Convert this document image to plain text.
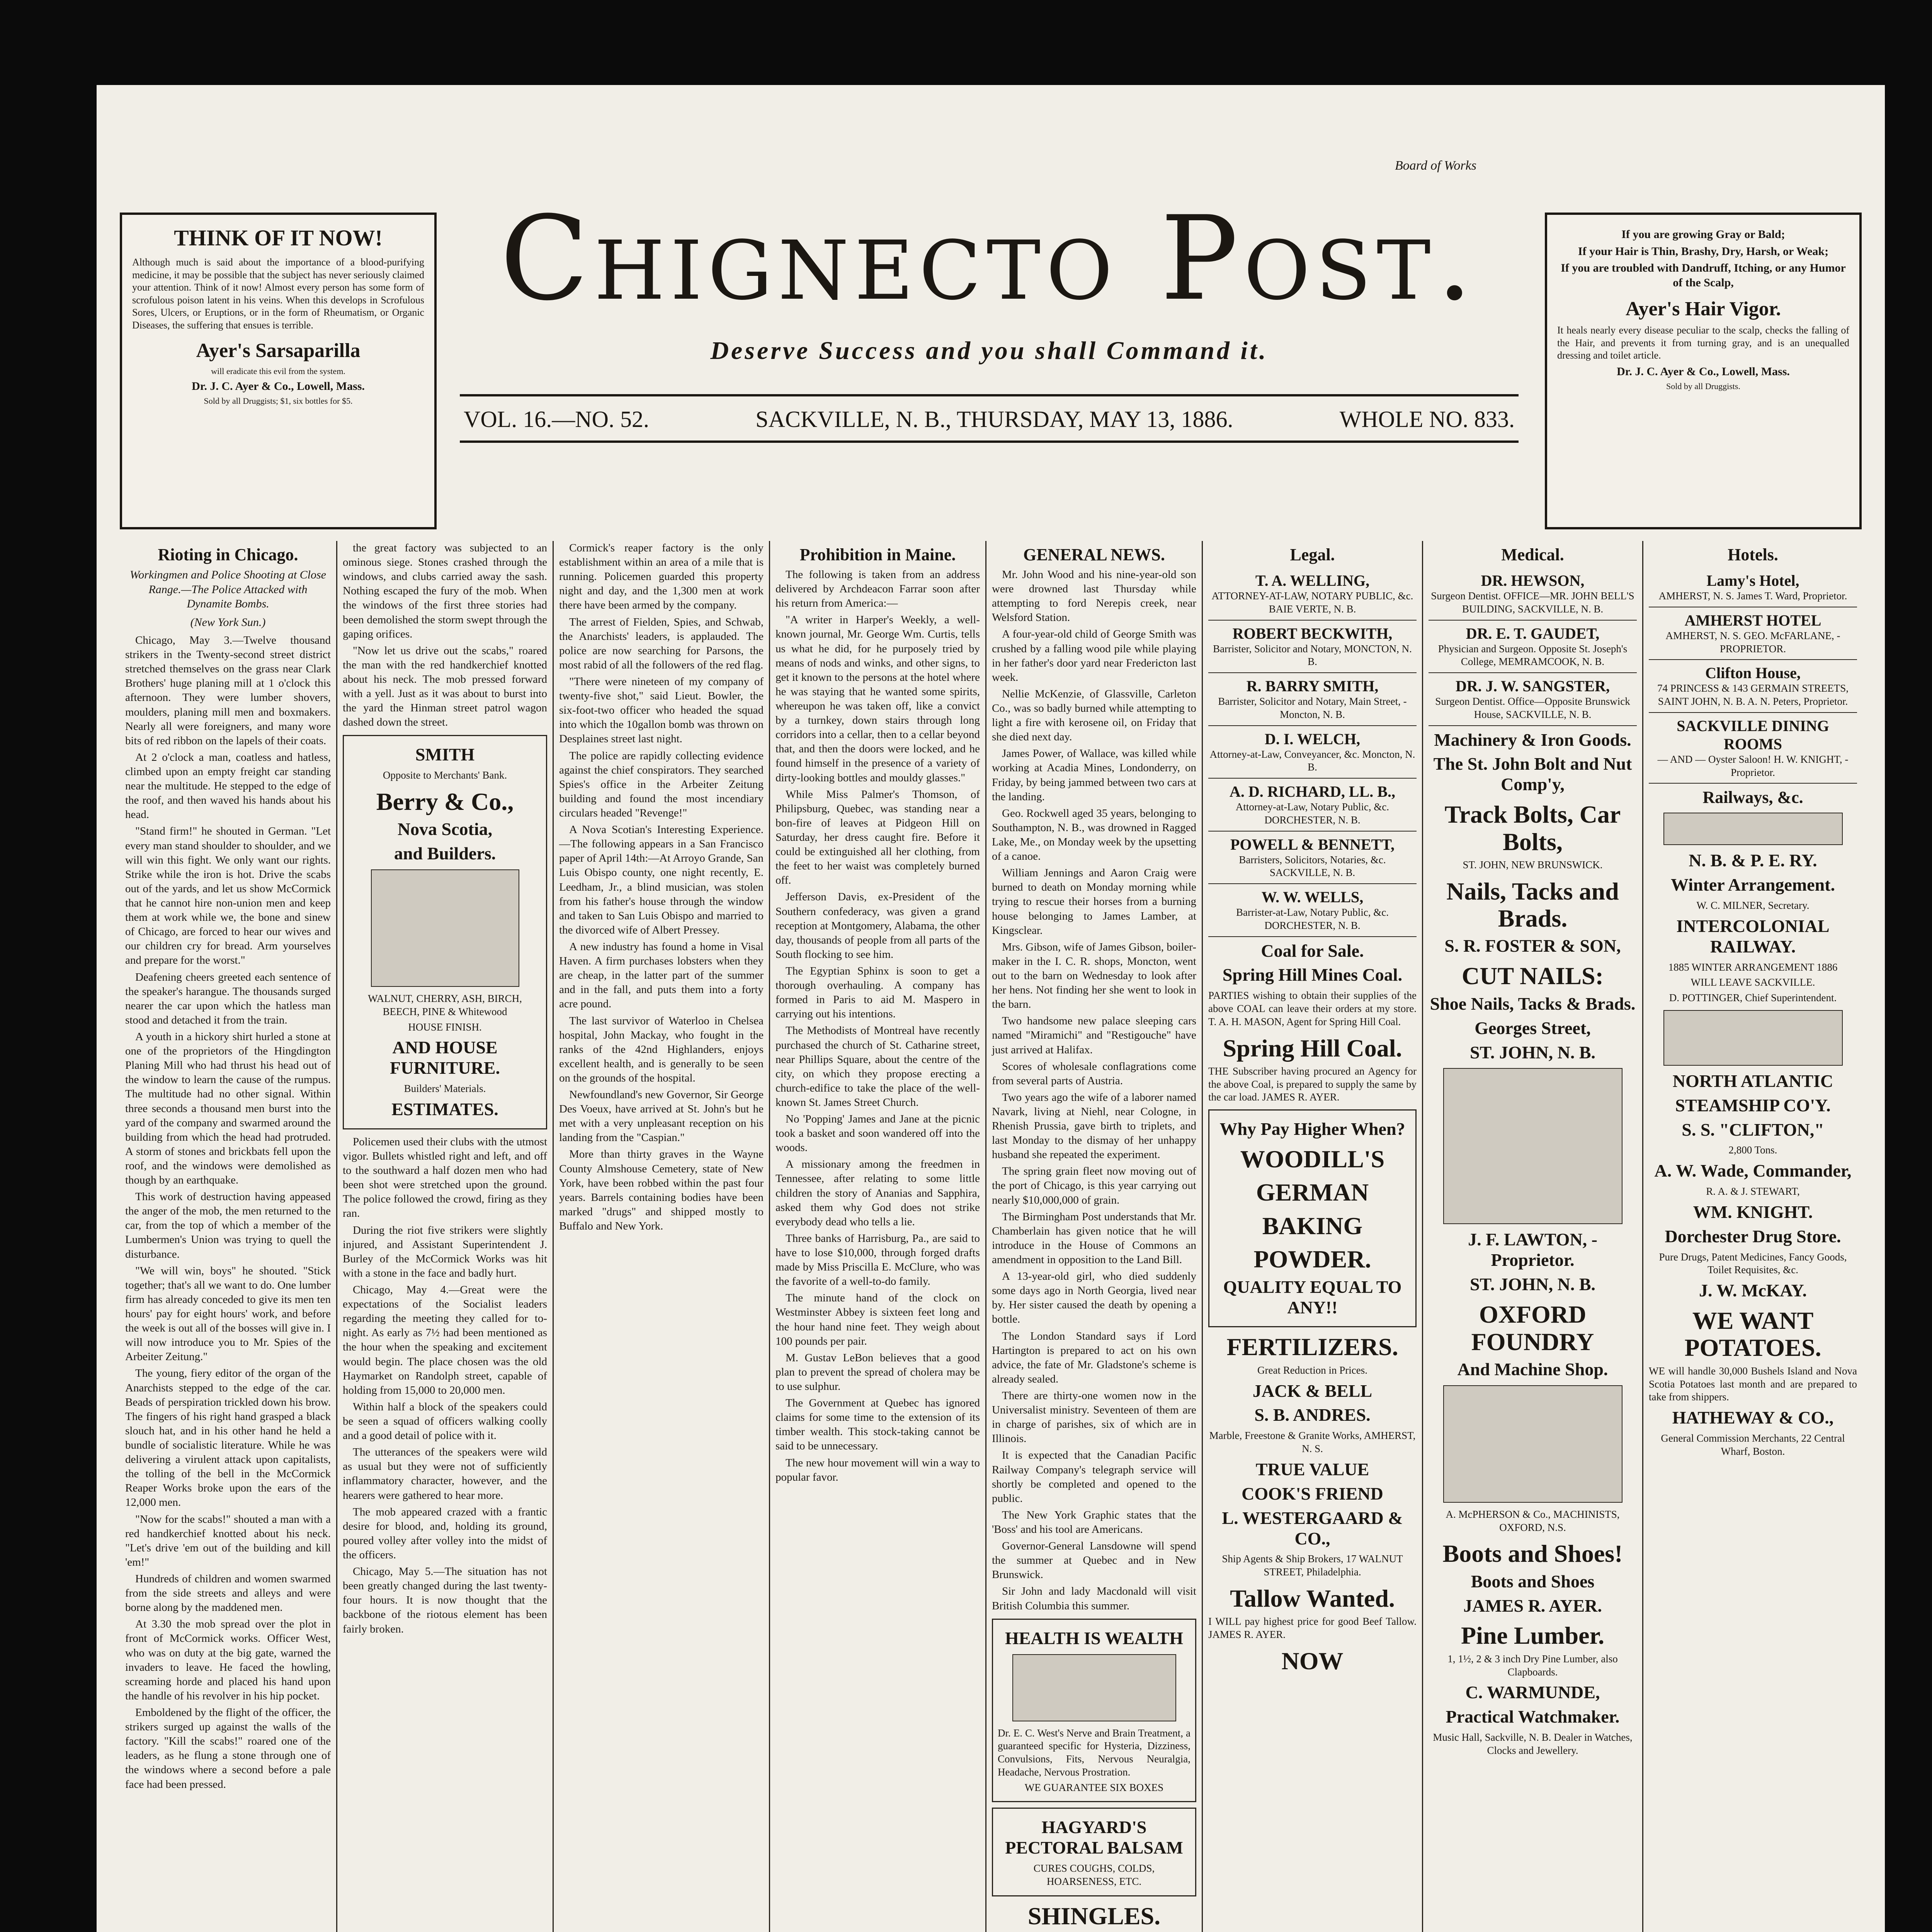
Board of Works
THINK OF IT NOW!

Although much is said about the importance of a blood-purifying medicine, it may be possible that the subject has never seriously claimed your attention. Think of it now! Almost every person has some form of scrofulous poison latent in his veins. When this develops in Scrofulous Sores, Ulcers, or Eruptions, or in the form of Rheumatism, or Organic Diseases, the suffering that ensues is terrible.

Ayer's Sarsaparilla

will eradicate this evil from the system.

Dr. J. C. Ayer & Co., Lowell, Mass.

Sold by all Druggists; $1, six bottles for $5.

Chignecto Post.
Deserve Success and you shall Command it.
VOL. 16.—NO. 52.	SACKVILLE, N. B., THURSDAY, MAY 13, 1886.	WHOLE NO. 833.

If you are growing Gray or Bald;

If your Hair is Thin, Brashy, Dry, Harsh, or Weak;

If you are troubled with Dandruff, Itching, or any Humor of the Scalp,

Ayer's Hair Vigor.

It heals nearly every disease peculiar to the scalp, checks the falling of the Hair, and prevents it from turning gray, and is an unequalled dressing and toilet article.

Dr. J. C. Ayer & Co., Lowell, Mass.

Sold by all Druggists.

Rioting in Chicago.
Workingmen and Police Shooting at Close Range.—The Police Attacked with Dynamite Bombs.
(New York Sun.)

Chicago, May 3.—Twelve thousand strikers in the Twenty-second street district stretched themselves on the grass near Clark Brothers' huge planing mill at 1 o'clock this afternoon. They were lumber shovers, moulders, planing mill men and boxmakers. Nearly all were foreigners, and many wore bits of red ribbon on the lapels of their coats.

At 2 o'clock a man, coatless and hatless, climbed upon an empty freight car standing near the multitude. He stepped to the edge of the roof, and then waved his hands about his head.

"Stand firm!" he shouted in German. "Let every man stand shoulder to shoulder, and we will win this fight. We only want our rights. Strike while the iron is hot. Drive the scabs out of the yards, and let us show McCormick that he cannot hire non-union men and keep them at work while we, the bone and sinew of Chicago, are forced to hear our wives and our children cry for bread. Arm yourselves and prepare for the worst."

Deafening cheers greeted each sentence of the speaker's harangue. The thousands surged nearer the car upon which the hatless man stood and detached it from the train.

A youth in a hickory shirt hurled a stone at one of the proprietors of the Hingdington Planing Mill who had thrust his head out of the window to learn the cause of the rumpus. The multitude had no other signal. Within three seconds a thousand men burst into the yard of the company and swarmed around the building from which the head had protruded. A storm of stones and brickbats fell upon the roof, and the windows were demolished as though by an earthquake.

This work of destruction having appeased the anger of the mob, the men returned to the car, from the top of which a member of the Lumbermen's Union was trying to quell the disturbance.

"We will win, boys" he shouted. "Stick together; that's all we want to do. One lumber firm has already conceded to give its men ten hours' pay for eight hours' work, and before the week is out all of the bosses will give in. I will now introduce you to Mr. Spies of the Arbeiter Zeitung."

The young, fiery editor of the organ of the Anarchists stepped to the edge of the car. Beads of perspiration trickled down his brow. The fingers of his right hand grasped a black slouch hat, and in his other hand he held a bundle of socialistic literature. While he was delivering a virulent attack upon capitalists, the tolling of the bell in the McCormick Reaper Works broke upon the ears of the 12,000 men.

"Now for the scabs!" shouted a man with a red handkerchief knotted about his neck. "Let's drive 'em out of the building and kill 'em!"

Hundreds of children and women swarmed from the side streets and alleys and were borne along by the maddened men.

At 3.30 the mob spread over the plot in front of McCormick works. Officer West, who was on duty at the big gate, warned the invaders to leave. He faced the howling, screaming horde and placed his hand upon the handle of his revolver in his hip pocket.

Emboldened by the flight of the officer, the strikers surged up against the walls of the factory. "Kill the scabs!" roared one of the leaders, as he flung a stone through one of the windows where a second before a pale face had been pressed.

the great factory was subjected to an ominous siege. Stones crashed through the windows, and clubs carried away the sash. Nothing escaped the fury of the mob. When the windows of the first three stories had been demolished the storm swept through the gaping orifices.

"Now let us drive out the scabs," roared the man with the red handkerchief knotted about his neck. The mob pressed forward with a yell. Just as it was about to burst into the yard the Hinman street patrol wagon dashed down the street.

SMITH
Opposite to Merchants' Bank.
Berry & Co.,
Nova Scotia,
and Builders.
WALNUT, CHERRY, ASH, BIRCH, BEECH, PINE & Whitewood
HOUSE FINISH.
AND HOUSE FURNITURE.
Builders' Materials.
ESTIMATES.

Policemen used their clubs with the utmost vigor. Bullets whistled right and left, and off to the southward a half dozen men who had been shot were stretched upon the ground. The police followed the crowd, firing as they ran.

During the riot five strikers were slightly injured, and Assistant Superintendent J. Burley of the McCormick Works was hit with a stone in the face and badly hurt.

Chicago, May 4.—Great were the expectations of the Socialist leaders regarding the meeting they called for to-night. As early as 7½ had been mentioned as the hour when the speaking and excitement would begin. The place chosen was the old Haymarket on Randolph street, capable of holding from 15,000 to 20,000 men.

Within half a block of the speakers could be seen a squad of officers walking coolly and a good detail of police with it.

The utterances of the speakers were wild as usual but they were not of sufficiently inflammatory character, however, and the hearers were gathered to hear more.

The mob appeared crazed with a frantic desire for blood, and, holding its ground, poured volley after volley into the midst of the officers.

Chicago, May 5.—The situation has not been greatly changed during the last twenty-four hours. It is now thought that the backbone of the riotous element has been fairly broken.

Cormick's reaper factory is the only establishment within an area of a mile that is running. Policemen guarded this property night and day, and the 1,300 men at work there have been armed by the company.

The arrest of Fielden, Spies, and Schwab, the Anarchists' leaders, is applauded. The police are now searching for Parsons, the most rabid of all the followers of the red flag.

"There were nineteen of my company of twenty-five shot," said Lieut. Bowler, the six-foot-two officer who headed the squad into which the 10gallon bomb was thrown on Desplaines street last night.

The police are rapidly collecting evidence against the chief conspirators. They searched Spies's office in the Arbeiter Zeitung building and found the most incendiary circulars headed "Revenge!"

A Nova Scotian's Interesting Experience.—The following appears in a San Francisco paper of April 14th:—At Arroyo Grande, San Luis Obispo county, one night recently, E. Leedham, Jr., a blind musician, was stolen from his father's house through the window and taken to San Luis Obispo and married to the divorced wife of Albert Pressey.

A new industry has found a home in Visal Haven. A firm purchases lobsters when they are cheap, in the latter part of the summer and in the fall, and puts them into a forty acre pound.

The last survivor of Waterloo in Chelsea hospital, John Mackay, who fought in the ranks of the 42nd Highlanders, enjoys excellent health, and is generally to be seen on the grounds of the hospital.

Newfoundland's new Governor, Sir George Des Voeux, have arrived at St. John's but he met with a very unpleasant reception on his landing from the "Caspian."

More than thirty graves in the Wayne County Almshouse Cemetery, state of New York, have been robbed within the past four years. Barrels containing bodies have been marked "drugs" and shipped mostly to Buffalo and New York.

Prohibition in Maine.

The following is taken from an address delivered by Archdeacon Farrar soon after his return from America:—

"A writer in Harper's Weekly, a well-known journal, Mr. George Wm. Curtis, tells us what he did, for he purposely tried by means of nods and winks, and other signs, to get it known to the persons at the hotel where he was staying that he wanted some spirits, whereupon he was taken off, like a convict by a turnkey, down stairs through long corridors into a cellar, then to a cellar beyond that, and then the doors were locked, and he found himself in the presence of a variety of dirty-looking bottles and mouldy glasses."

While Miss Palmer's Thomson, of Philipsburg, Quebec, was standing near a bon-fire of leaves at Pidgeon Hill on Saturday, her dress caught fire. Before it could be extinguished all her clothing, from the feet to her waist was completely burned off.

Jefferson Davis, ex-President of the Southern confederacy, was given a grand reception at Montgomery, Alabama, the other day, thousands of people from all parts of the South flocking to see him.

The Egyptian Sphinx is soon to get a thorough overhauling. A company has formed in Paris to aid M. Maspero in carrying out his intentions.

The Methodists of Montreal have recently purchased the church of St. Catharine street, near Phillips Square, about the centre of the city, on which they propose erecting a church-edifice to take the place of the well-known St. James Street Church.

No 'Popping' James and Jane at the picnic took a basket and soon wandered off into the woods.

A missionary among the freedmen in Tennessee, after relating to some little children the story of Ananias and Sapphira, asked them why God does not strike everybody dead who tells a lie.

Three banks of Harrisburg, Pa., are said to have to lose $10,000, through forged drafts made by Miss Priscilla E. McClure, who was the favorite of a well-to-do family.

The minute hand of the clock on Westminster Abbey is sixteen feet long and the hour hand nine feet. They weigh about 100 pounds per pair.

M. Gustav LeBon believes that a good plan to prevent the spread of cholera may be to use sulphur.

The Government at Quebec has ignored claims for some time to the extension of its timber wealth. This stock-taking cannot be said to be unnecessary.

The new hour movement will win a way to popular favor.

GENERAL NEWS.

Mr. John Wood and his nine-year-old son were drowned last Thursday while attempting to ford Nerepis creek, near Welsford Station.

A four-year-old child of George Smith was crushed by a falling wood pile while playing in her father's door yard near Fredericton last week.

Nellie McKenzie, of Glassville, Carleton Co., was so badly burned while attempting to light a fire with kerosene oil, on Friday that she died next day.

James Power, of Wallace, was killed while working at Acadia Mines, Londonderry, on Friday, by being jammed between two cars at the landing.

Geo. Rockwell aged 35 years, belonging to Southampton, N. B., was drowned in Ragged Lake, Me., on Monday week by the upsetting of a canoe.

William Jennings and Aaron Craig were burned to death on Monday morning while trying to rescue their horses from a burning house belonging to James Lamber, at Kingsclear.

Mrs. Gibson, wife of James Gibson, boiler-maker in the I. C. R. shops, Moncton, went out to the barn on Wednesday to look after her hens. Not finding her she went to look in the barn.

Two handsome new palace sleeping cars named "Miramichi" and "Restigouche" have just arrived at Halifax.

Scores of wholesale conflagrations come from several parts of Austria.

Two years ago the wife of a laborer named Navark, living at Niehl, near Cologne, in Rhenish Prussia, gave birth to triplets, and last Monday to the dismay of her unhappy husband she repeated the experiment.

The spring grain fleet now moving out of the port of Chicago, is this year carrying out nearly $10,000,000 of grain.

The Birmingham Post understands that Mr. Chamberlain has given notice that he will introduce in the House of Commons an amendment in opposition to the Land Bill.

A 13-year-old girl, who died suddenly some days ago in North Georgia, lived near by. Her sister caused the death by opening a bottle.

The London Standard says if Lord Hartington is prepared to act on his own advice, the fate of Mr. Gladstone's scheme is already sealed.

There are thirty-one women now in the Universalist ministry. Seventeen of them are in charge of parishes, six of which are in Illinois.

It is expected that the Canadian Pacific Railway Company's telegraph service will shortly be completed and opened to the public.

The New York Graphic states that the 'Boss' and his tool are Americans.

Governor-General Lansdowne will spend the summer at Quebec and in New Brunswick.

Sir John and lady Macdonald will visit British Columbia this summer.

HEALTH IS WEALTH
Dr. E. C. West's Nerve and Brain Treatment, a guaranteed specific for Hysteria, Dizziness, Convulsions, Fits, Nervous Neuralgia, Headache, Nervous Prostration.
WE GUARANTEE SIX BOXES
HAGYARD'S PECTORAL BALSAM
CURES COUGHS, COLDS, HOARSENESS, ETC.
SHINGLES.
Legal.
T. A. WELLING,
ATTORNEY-AT-LAW, NOTARY PUBLIC, &c. BAIE VERTE, N. B.
ROBERT BECKWITH,
Barrister, Solicitor and Notary, MONCTON, N. B.
R. BARRY SMITH,
Barrister, Solicitor and Notary, Main Street, - Moncton, N. B.
D. I. WELCH,
Attorney-at-Law, Conveyancer, &c. Moncton, N. B.
A. D. RICHARD, LL. B.,
Attorney-at-Law, Notary Public, &c. DORCHESTER, N. B.
POWELL & BENNETT,
Barristers, Solicitors, Notaries, &c. SACKVILLE, N. B.
W. W. WELLS,
Barrister-at-Law, Notary Public, &c. DORCHESTER, N. B.
Coal for Sale.
Spring Hill Mines Coal.
PARTIES wishing to obtain their supplies of the above COAL can leave their orders at my store. T. A. H. MASON, Agent for Spring Hill Coal.
Spring Hill Coal.
THE Subscriber having procured an Agency for the above Coal, is prepared to supply the same by the car load. JAMES R. AYER.
Why Pay Higher When?
WOODILL'S
GERMAN
BAKING
POWDER.
QUALITY EQUAL TO ANY!!
FERTILIZERS.
Great Reduction in Prices.
JACK & BELL
S. B. ANDRES.
Marble, Freestone & Granite Works, AMHERST, N. S.
TRUE VALUE
COOK'S FRIEND
L. WESTERGAARD & CO.,
Ship Agents & Ship Brokers, 17 WALNUT STREET, Philadelphia.
Tallow Wanted.
I WILL pay highest price for good Beef Tallow. JAMES R. AYER.
NOW
Medical.
DR. HEWSON,
Surgeon Dentist. OFFICE—MR. JOHN BELL'S BUILDING, SACKVILLE, N. B.
DR. E. T. GAUDET,
Physician and Surgeon. Opposite St. Joseph's College, MEMRAMCOOK, N. B.
DR. J. W. SANGSTER,
Surgeon Dentist. Office—Opposite Brunswick House, SACKVILLE, N. B.
Machinery & Iron Goods.
The St. John Bolt and Nut Comp'y,
Track Bolts, Car Bolts,
ST. JOHN, NEW BRUNSWICK.
Nails, Tacks and Brads.
S. R. FOSTER & SON,
CUT NAILS:
Shoe Nails, Tacks & Brads.
Georges Street,
ST. JOHN, N. B.
J. F. LAWTON, - Proprietor.
ST. JOHN, N. B.
OXFORD FOUNDRY
And Machine Shop.
A. McPHERSON & Co., MACHINISTS, OXFORD, N.S.
Boots and Shoes!
Boots and Shoes
JAMES R. AYER.
Pine Lumber.
1, 1½, 2 & 3 inch Dry Pine Lumber, also Clapboards.
C. WARMUNDE,
Practical Watchmaker.
Music Hall, Sackville, N. B. Dealer in Watches, Clocks and Jewellery.
Hotels.
Lamy's Hotel,
AMHERST, N. S. James T. Ward, Proprietor.
AMHERST HOTEL
AMHERST, N. S. GEO. McFARLANE, - PROPRIETOR.
Clifton House,
74 PRINCESS & 143 GERMAIN STREETS, SAINT JOHN, N. B. A. N. Peters, Proprietor.
SACKVILLE DINING ROOMS
— AND — Oyster Saloon! H. W. KNIGHT, - Proprietor.
Railways, &c.
N. B. & P. E. RY.
Winter Arrangement.
W. C. MILNER, Secretary.
INTERCOLONIAL RAILWAY.
1885 WINTER ARRANGEMENT 1886
WILL LEAVE SACKVILLE.
D. POTTINGER, Chief Superintendent.
NORTH ATLANTIC
STEAMSHIP CO'Y.
S. S. "CLIFTON,"
2,800 Tons.
A. W. Wade, Commander,
R. A. & J. STEWART,
WM. KNIGHT.
Dorchester Drug Store.
Pure Drugs, Patent Medicines, Fancy Goods, Toilet Requisites, &c.
J. W. McKAY.
WE WANT POTATOES.
WE will handle 30,000 Bushels Island and Nova Scotia Potatoes last month and are prepared to take from shippers.
HATHEWAY & CO.,
General Commission Merchants, 22 Central Wharf, Boston.
